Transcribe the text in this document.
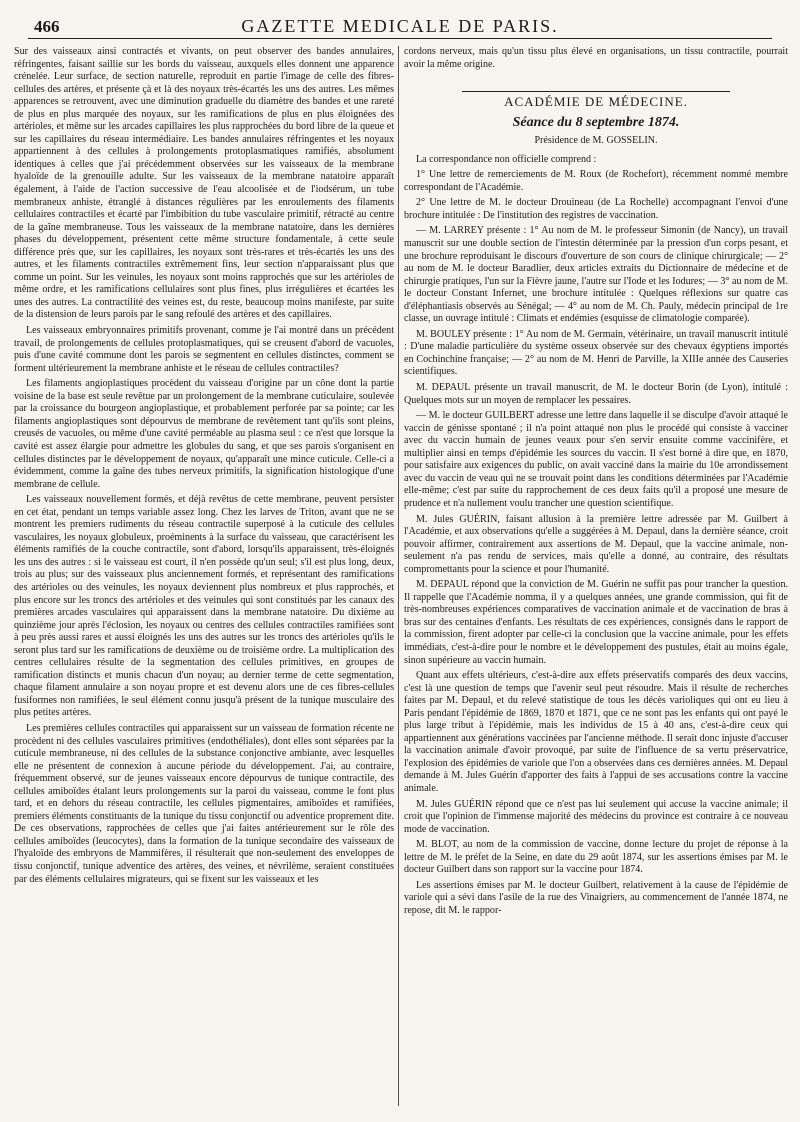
466	GAZETTE MEDICALE DE PARIS.

Sur des vaisseaux ainsi contractés et vivants, on peut observer des bandes annulaires, réfringentes, faisant saillie sur les bords du vaisseau, auxquels elles donnent une apparence crénelée. Leur surface, de section naturelle, reproduit en partie l'image de celle des fibres-cellules des artères, et présente çà et là des noyaux très-écartés les uns des autres. Les mêmes apparences se retrouvent, avec une diminution graduelle du diamètre des bandes et une rareté de plus en plus marquée des noyaux, sur les ramifications de plus en plus éloignées des artérioles, et même sur les arcades capillaires les plus rapprochées du bord libre de la queue et sur les capillaires du réseau intermédiaire. Les bandes annulaires réfringentes et les noyaux appartiennent à des cellules à prolongements protoplasmatiques ramifiés, absolument identiques à celles que j'ai précédemment observées sur les vaisseaux de la membrane hyaloïde de la grenouille adulte. Sur les vaisseaux de la membrane natatoire apparaît également, à l'aide de l'action successive de l'eau alcoolisée et de l'iodsérum, un tube membraneux anhiste, étranglé à distances régulières par les enroulements des filaments cellulaires contractiles et écarté par l'imbibition du tube vasculaire primitif, rétracté au centre de la gaîne membraneuse. Tous les vaisseaux de la membrane natatoire, dans les dernières phases du développement, présentent cette même structure fondamentale, à cette seule différence près que, sur les capillaires, les noyaux sont très-rares et très-écartés les uns des autres, et les filaments contractiles extrêmement fins, leur section n'apparaissant plus que comme un point. Sur les veinules, les noyaux sont moins rapprochés que sur les artérioles de même ordre, et les ramifications cellulaires sont plus fines, plus irrégulières et écartées les unes des autres. La contractilité des veines est, du reste, beaucoup moins manifeste, par suite de la distension de leurs parois par le sang refoulé des artères et des capillaires.

Les vaisseaux embryonnaires primitifs provenant, comme je l'ai montré dans un précédent travail, de prolongements de cellules protoplasmatiques, qui se creusent d'abord de vacuoles, puis d'une cavité commune dont les parois se segmentent en cellules distinctes, comment se forment ultérieurement la membrane anhiste et le réseau de cellules contractiles?

Les filaments angioplastiques procèdent du vaisseau d'origine par un cône dont la partie voisine de la base est seule revêtue par un prolongement de la membrane cuticulaire, soulevée par la croissance du bourgeon angioplastique, et probablement perforée par sa pointe; car les filaments angioplastiques sont dépourvus de membrane de revêtement tant qu'ils sont pleins, creusés de vacuoles, ou même d'une cavité perméable au plasma seul : ce n'est que lorsque la cavité est assez élargie pour admettre les globules du sang, et que ses parois s'organisent en cellules distinctes par le développement de noyaux, qu'apparaît une mince cuticule. Celle-ci a évidemment, comme la gaîne des tubes nerveux primitifs, la signification histologique d'une membrane de cellule.

Les vaisseaux nouvellement formés, et déjà revêtus de cette membrane, peuvent persister en cet état, pendant un temps variable assez long. Chez les larves de Triton, avant que ne se montrent les premiers rudiments du réseau contractile superposé à la cuticule des cellules vasculaires, les noyaux globuleux, proéminents à la surface du vaisseau, que caractérisent les éléments ramifiés de la couche contractile, sont d'abord, lorsqu'ils apparaissent, très-éloignés les uns des autres : si le vaisseau est court, il n'en possède qu'un seul; s'il est plus long, deux, trois au plus; sur des vaisseaux plus anciennement formés, et représentant des ramifications des artérioles ou des veinules, les noyaux deviennent plus nombreux et plus rapprochés, et plus encore sur les troncs des artérioles et des veinules qui sont constitués par les canaux des premières arcades vasculaires qui apparaissent dans la membrane natatoire. Du dixième au quinzième jour après l'éclosion, les noyaux ou centres des cellules contractiles ramifiées sont à peu près aussi rares et aussi éloignés les uns des autres sur les troncs des artérioles qu'ils le seront plus tard sur les ramifications de deuxième ou de troisième ordre. La multiplication des centres cellulaires résulte de la segmentation des cellules primitives, en groupes de ramification distincts et munis chacun d'un noyau; au dernier terme de cette segmentation, chaque filament annulaire a son noyau propre et est devenu alors une de ces fibres-cellules fusiformes non ramifiées, le seul élément connu jusqu'à présent de la tunique musculaire des plus petites artères.

Les premières cellules contractiles qui apparaissent sur un vaisseau de formation récente ne procèdent ni des cellules vasculaires primitives (endothéliales), dont elles sont séparées par la cuticule membraneuse, ni des cellules de la substance conjonctive ambiante, avec lesquelles elle ne présentent de connexion à aucune période du développement. J'ai, au contraire, fréquemment observé, sur de jeunes vaisseaux encore dépourvus de tunique contractile, des cellules amiboïdes étalant leurs prolongements sur la paroi du vaisseau, comme le font plus tard, et en dehors du réseau contractile, les cellules pigmentaires, amiboïdes et ramifiées, premiers éléments constituants de la tunique du tissu conjonctif ou adventice proprement dite. De ces observations, rapprochées de celles que j'ai faites antérieurement sur le rôle des cellules amiboïdes (leucocytes), dans la formation de la tunique secondaire des vaisseaux de l'hyaloïde des embryons de Mammifères, il résulterait que non-seulement des enveloppes de tissu conjonctif, tunique adventice des artères, des veines, et névrilème, seraient constituées par des éléments cellulaires migrateurs, qui se fixent sur les vaisseaux et les

cordons nerveux, mais qu'un tissu plus élevé en organisations, un tissu contractile, pourrait avoir la même origine.

ACADÉMIE DE MÉDECINE.
Séance du 8 septembre 1874.
Présidence de M. GOSSELIN.

La correspondance non officielle comprend :

1° Une lettre de remerciements de M. Roux (de Rochefort), récemment nommé membre correspondant de l'Académie.

2° Une lettre de M. le docteur Drouineau (de La Rochelle) accompagnant l'envoi d'une brochure intitulée : De l'institution des registres de vaccination.

— M. LARREY présente : 1° Au nom de M. le professeur Simonin (de Nancy), un travail manuscrit sur une double section de l'intestin déterminée par la pression d'un corps pesant, et une brochure reproduisant le discours d'ouverture de son cours de clinique chirurgicale; — 2° au nom de M. le docteur Baradlier, deux articles extraits du Dictionnaire de médecine et de chirurgie pratiques, l'un sur la Fièvre jaune, l'autre sur l'Iode et les Iodures; — 3° au nom de M. le docteur Constant Infernet, une brochure intitulée : Quelques réflexions sur quatre cas d'éléphantiasis observés au Sénégal; — 4° au nom de M. Ch. Pauly, médecin principal de 1re classe, un ouvrage intitulé : Climats et endémies (esquisse de climatologie comparée).

M. BOULEY présente : 1° Au nom de M. Germain, vétérinaire, un travail manuscrit intitulé : D'une maladie particulière du système osseux observée sur des chevaux égyptiens importés en Cochinchine française; — 2° au nom de M. Henri de Parville, la XIIIe année des Causeries scientifiques.

M. DEPAUL présente un travail manuscrit, de M. le docteur Borin (de Lyon), intitulé : Quelques mots sur un moyen de remplacer les pessaires.

— M. le docteur GUILBERT adresse une lettre dans laquelle il se disculpe d'avoir attaqué le vaccin de génisse spontané ; il n'a point attaqué non plus le procédé qui consiste à vacciner avec du vaccin humain de jeunes veaux pour s'en servir ensuite comme vaccinifère, et multiplier ainsi en temps d'épidémie les sources du vaccin. Il s'est borné à dire que, en 1870, pour satisfaire aux exigences du public, on avait vacciné dans la mairie du 10e arrondissement avec du vaccin de veau qui ne se trouvait point dans les conditions déterminées par l'Académie elle-même; c'est par suite du rapprochement de ces deux faits qu'il a proposé une mesure de prudence et n'a nullement voulu trancher une question scientifique.

M. Jules GUÉRIN, faisant allusion à la première lettre adressée par M. Guilbert à l'Académie, et aux observations qu'elle a suggérées à M. Depaul, dans la dernière séance, croit pouvoir affirmer, contrairement aux assertions de M. Depaul, que la vaccine animale, non-seulement n'a pas rendu de services, mais qu'elle a donné, au contraire, des résultats compromettants pour la science et pour l'humanité.

M. DEPAUL répond que la conviction de M. Guérin ne suffit pas pour trancher la question. Il rappelle que l'Académie nomma, il y a quelques années, une grande commission, qui fit de très-nombreuses expériences comparatives de vaccination animale et de vaccination de bras à bras sur des centaines d'enfants. Les résultats de ces expériences, consignés dans le rapport de la commission, firent adopter par celle-ci la conclusion que la vaccine animale, pour les effets immédiats, c'est-à-dire pour le nombre et le développement des pustules, était au moins égale, sinon supérieure au vaccin humain.

Quant aux effets ultérieurs, c'est-à-dire aux effets préservatifs comparés des deux vaccins, c'est là une question de temps que l'avenir seul peut résoudre. Mais il résulte de recherches faites par M. Depaul, et du relevé statistique de tous les décès varioliques qui ont eu lieu à Paris pendant l'épidémie de 1869, 1870 et 1871, que ce ne sont pas les enfants qui ont payé le plus large tribut à l'épidémie, mais les individus de 15 à 40 ans, c'est-à-dire ceux qui appartiennent aux générations vaccinées par l'ancienne méthode. Il serait donc injuste d'accuser la vaccination animale d'avoir provoqué, par suite de l'influence de sa vertu préservatrice, l'explosion des épidémies de variole que l'on a observées dans ces dernières années. M. Depaul demande à M. Jules Guérin d'apporter des faits à l'appui de ses accusations contre la vaccine animale.

M. Jules GUÉRIN répond que ce n'est pas lui seulement qui accuse la vaccine animale; il croit que l'opinion de l'immense majorité des médecins du province est contraire à ce nouveau mode de vaccination.

M. BLOT, au nom de la commission de vaccine, donne lecture du projet de réponse à la lettre de M. le préfet de la Seine, en date du 29 août 1874, sur les assertions émises par M. le docteur Guilbert dans son rapport sur la vaccine pour 1874.

Les assertions émises par M. le docteur Guilbert, relativement à la cause de l'épidémie de variole qui a sévi dans l'asile de la rue des Vinaigriers, au commencement de l'année 1874, ne repose, dit M. le rappor-
